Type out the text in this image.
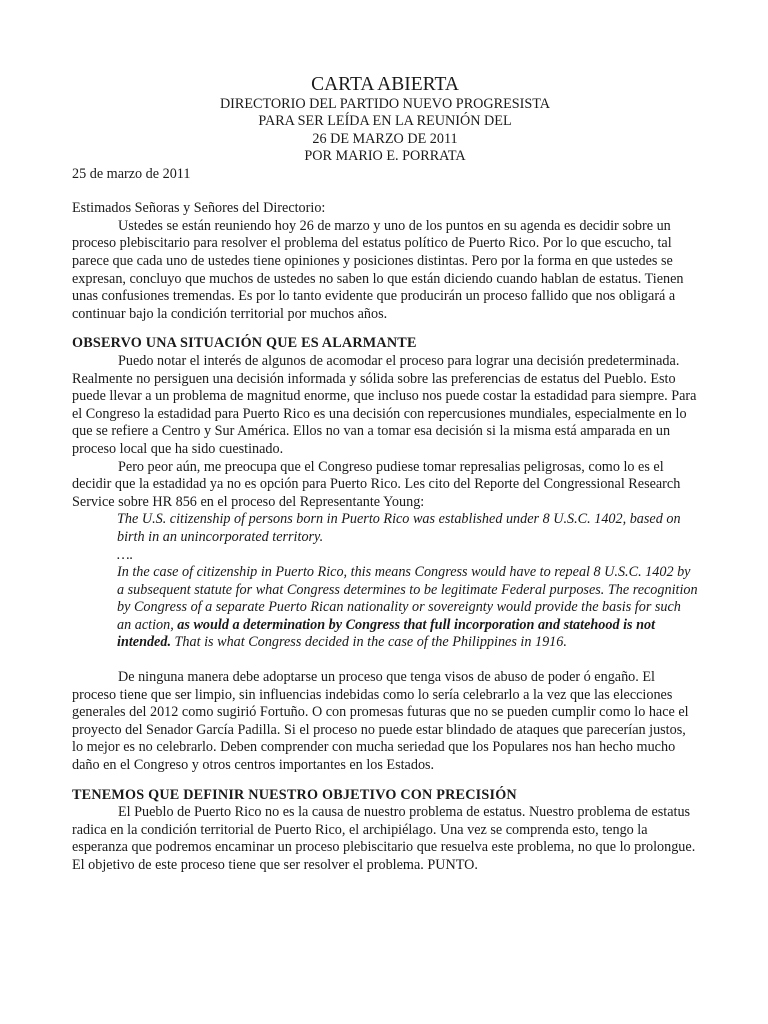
CARTA ABIERTA

DIRECTORIO DEL PARTIDO NUEVO PROGRESISTA

PARA SER LEÍDA EN LA REUNIÓN DEL

26 DE MARZO DE 2011

POR MARIO E. PORRATA

25 de marzo de 2011

Estimados Señoras y Señores del Directorio:

Ustedes se están reuniendo hoy 26 de marzo y uno de los puntos en su agenda es decidir sobre un proceso plebiscitario para resolver el problema del estatus político de Puerto Rico. Por lo que escucho, tal parece que cada uno de ustedes tiene opiniones y posiciones distintas. Pero por la forma en que ustedes se expresan, concluyo que muchos de ustedes no saben lo que están diciendo cuando hablan de estatus. Tienen unas confusiones tremendas. Es por lo tanto evidente que producirán un proceso fallido que nos obligará a continuar bajo la condición territorial por muchos años.

OBSERVO UNA SITUACIÓN QUE ES ALARMANTE

Puedo notar el interés de algunos de acomodar el proceso para lograr una decisión predeterminada. Realmente no persiguen una decisión informada y sólida sobre las preferencias de estatus del Pueblo. Esto puede llevar a un problema de magnitud enorme, que incluso nos puede costar la estadidad para siempre. Para el Congreso la estadidad para Puerto Rico es una decisión con repercusiones mundiales, especialmente en lo que se refiere a Centro y Sur América. Ellos no van a tomar esa decisión si la misma está amparada en un proceso local que ha sido cuestinado.

Pero peor aún, me preocupa que el Congreso pudiese tomar represalias peligrosas, como lo es el decidir que la estadidad ya no es opción para Puerto Rico. Les cito del Reporte del Congressional Research Service sobre HR 856 en el proceso del Representante Young:

The U.S. citizenship of persons born in Puerto Rico was established under 8 U.S.C. 1402, based on birth in an unincorporated territory.

….

In the case of citizenship in Puerto Rico, this means Congress would have to repeal 8 U.S.C. 1402 by a subsequent statute for what Congress determines to be legitimate Federal purposes. The recognition by Congress of a separate Puerto Rican nationality or sovereignty would provide the basis for such an action, as would a determination by Congress that full incorporation and statehood is not intended. That is what Congress decided in the case of the Philippines in 1916.

De ninguna manera debe adoptarse un proceso que tenga visos de abuso de poder ó engaño. El proceso tiene que ser limpio, sin influencias indebidas como lo sería celebrarlo a la vez que las elecciones generales del 2012 como sugirió Fortuño. O con promesas futuras que no se pueden cumplir como lo hace el proyecto del Senador García Padilla. Si el proceso no puede estar blindado de ataques que parecerían justos, lo mejor es no celebrarlo. Deben comprender con mucha seriedad que los Populares nos han hecho mucho daño en el Congreso y otros centros importantes en los Estados.

TENEMOS QUE DEFINIR NUESTRO OBJETIVO CON PRECISIÓN

El Pueblo de Puerto Rico no es la causa de nuestro problema de estatus. Nuestro problema de estatus radica en la condición territorial de Puerto Rico, el archipiélago. Una vez se comprenda esto, tengo la esperanza que podremos encaminar un proceso plebiscitario que resuelva este problema, no que lo prolongue. El objetivo de este proceso tiene que ser resolver el problema. PUNTO.
